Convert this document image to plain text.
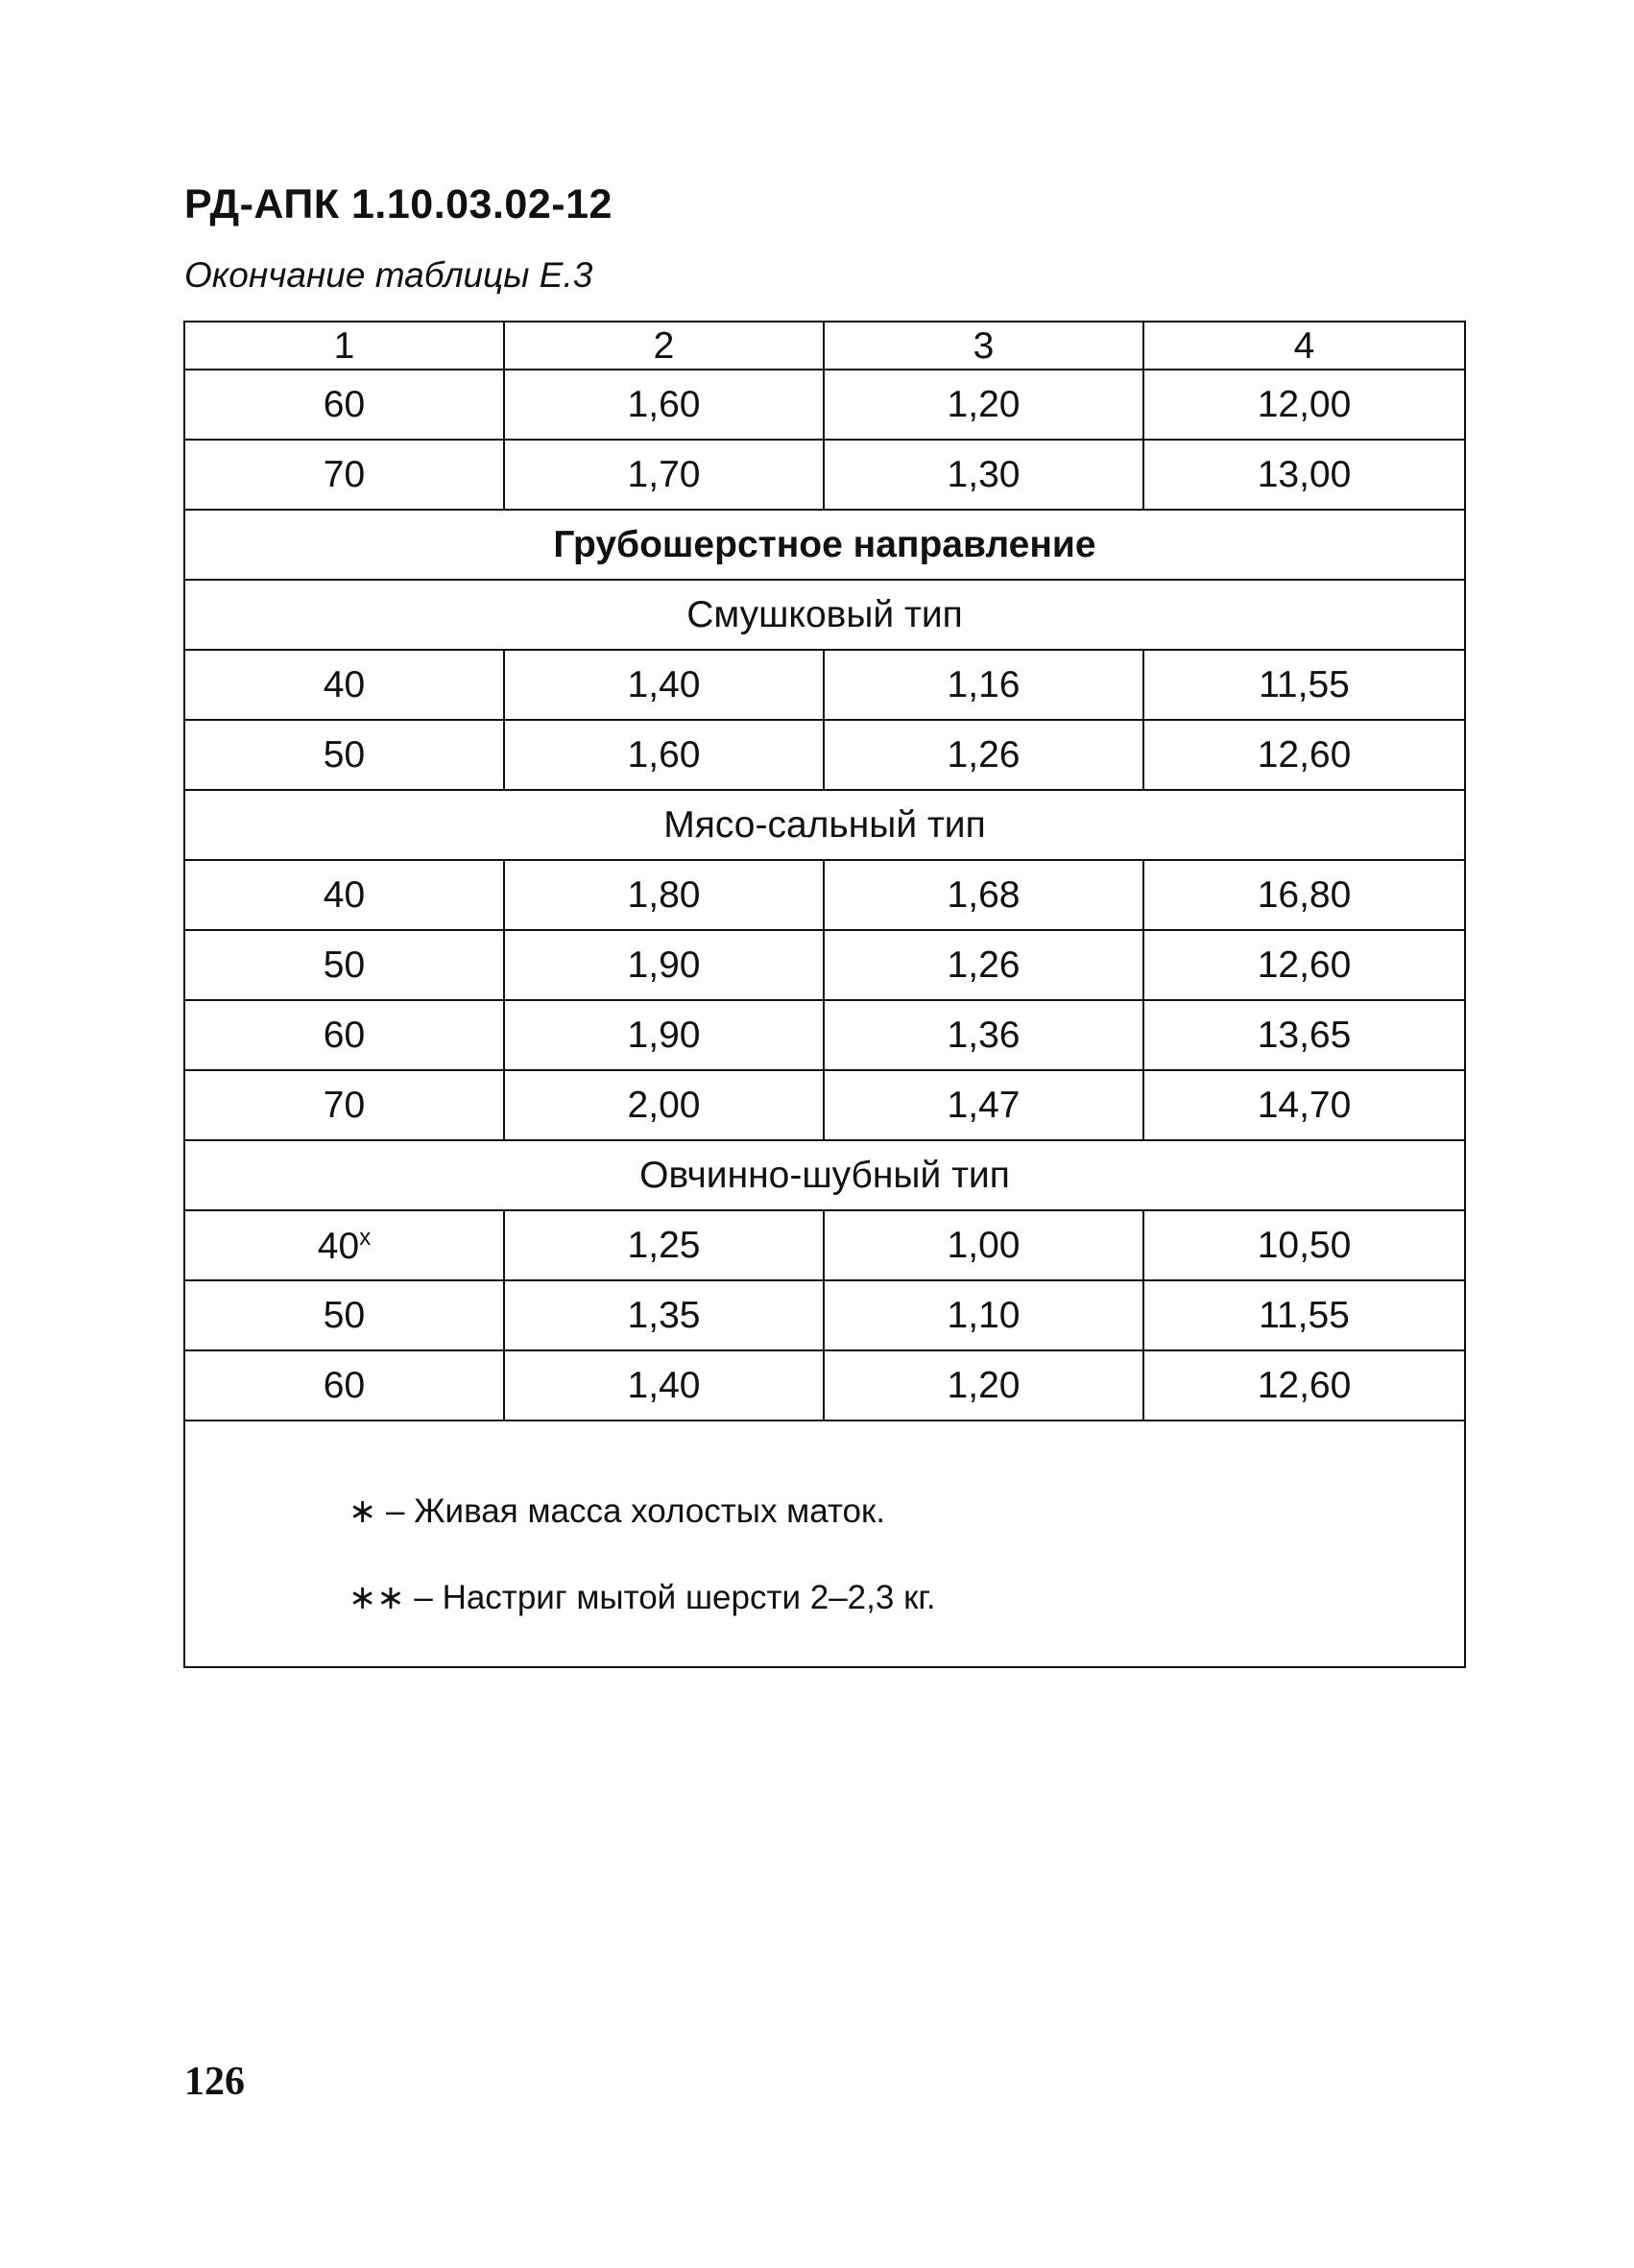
РД-АПК 1.10.03.02-12
Окончание таблицы Е.3
1	2	3	4
60	1,60	1,20	12,00
70	1,70	1,30	13,00
Грубошерстное направление			
Смушковый тип			
40	1,40	1,16	11,55
50	1,60	1,26	12,60
Мясо-сальный тип			
40	1,80	1,68	16,80
50	1,90	1,26	12,60
60	1,90	1,36	13,65
70	2,00	1,47	14,70
Овчинно-шубный тип			
40$^x$	1,25	1,00	10,50
50	1,35	1,10	11,55
60	1,40	1,20	12,60

∗ – Живая масса холостых маток.
∗∗ – Настриг мытой шерсти 2–2,3 кг.			
126
